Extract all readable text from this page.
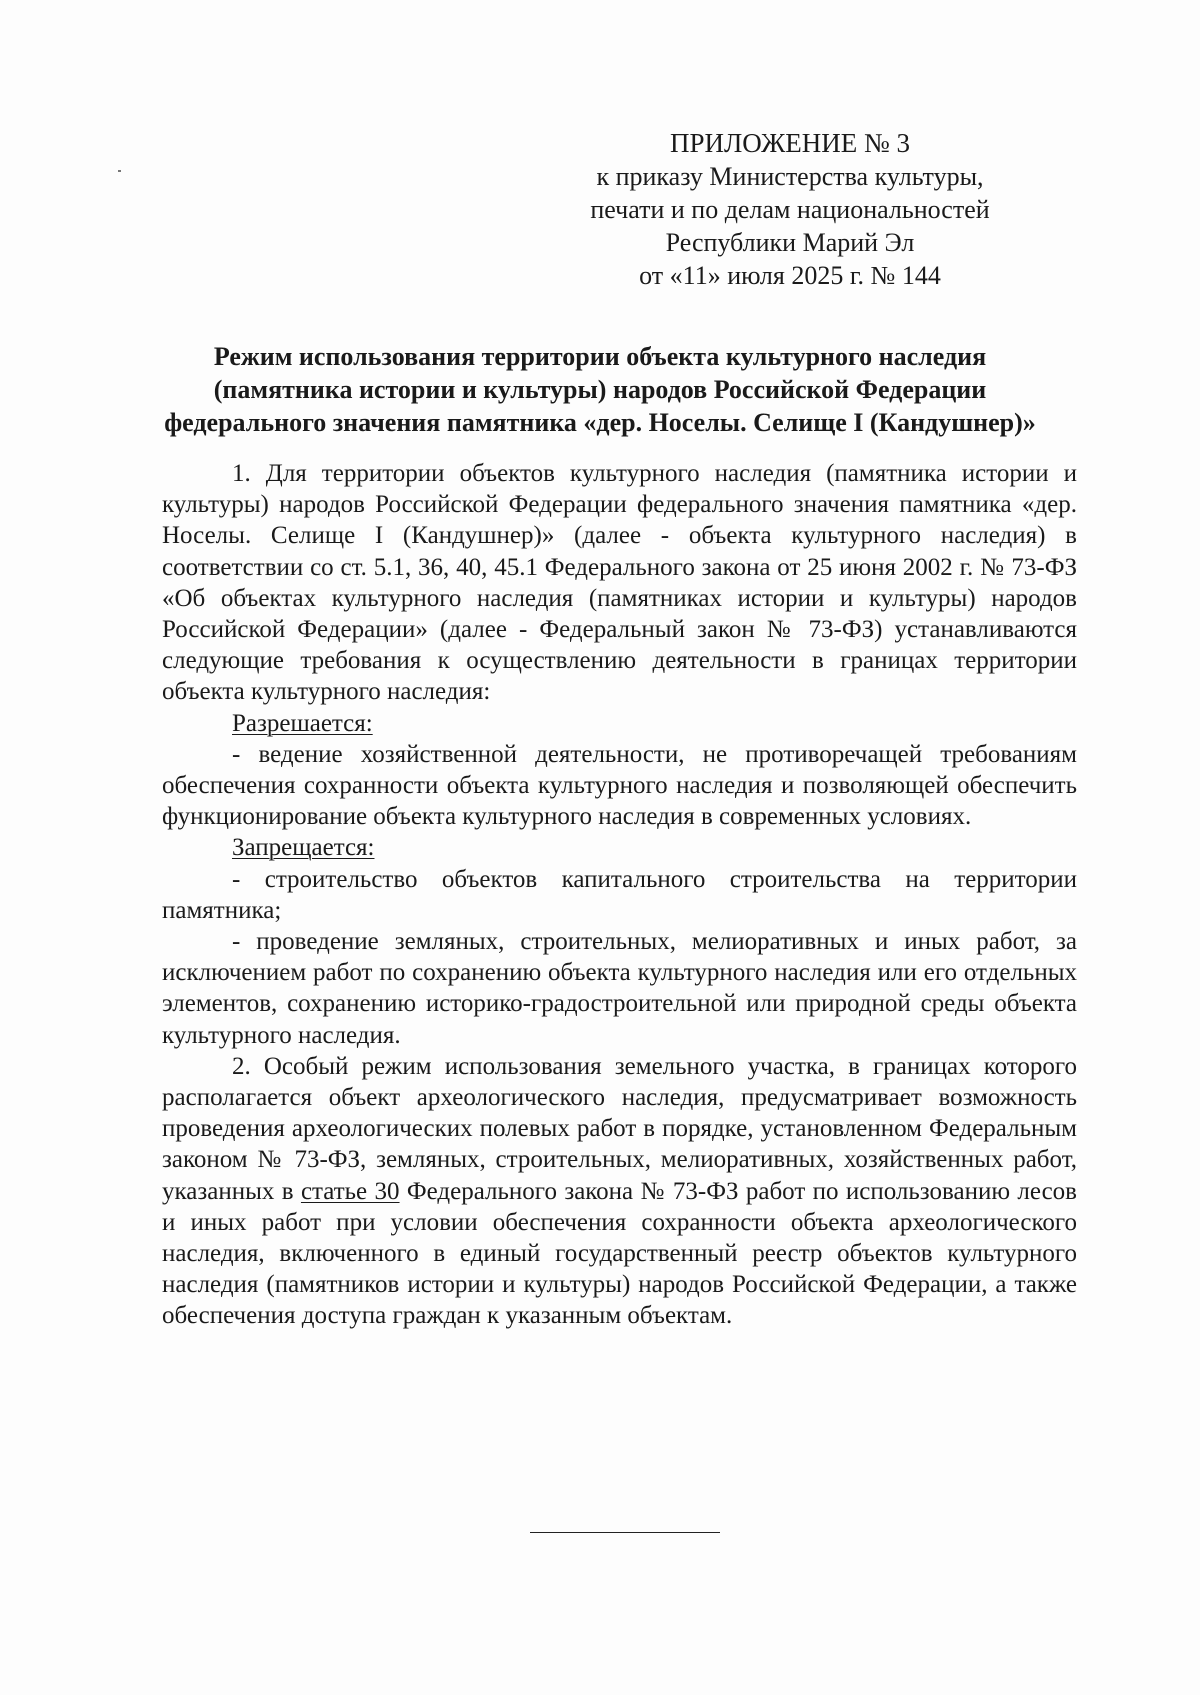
ПРИЛОЖЕНИЕ № 3
к приказу Министерства культуры,
печати и по делам национальностей
Республики Марий Эл
от «11» июля 2025 г. № 144
Режим использования территории объекта культурного наследия
(памятника истории и культуры) народов Российской Федерации
федерального значения памятника «дер. Носелы. Селище I (Кандушнер)»

1. Для территории объектов культурного наследия (памятника истории и культуры) народов Российской Федерации федерального значения памятника «дер. Носелы. Селище I (Кандушнер)» (далее - объекта культурного наследия) в соответствии со ст. 5.1, 36, 40, 45.1 Федерального закона от 25 июня 2002 г. № 73-ФЗ «Об объектах культурного наследия (памятниках истории и культуры) народов Российской Федерации» (далее - Федеральный закон № 73-ФЗ) устанавливаются следующие требования к осуществлению деятельности в границах территории объекта культурного наследия:

Разрешается:

- ведение хозяйственной деятельности, не противоречащей требованиям обеспечения сохранности объекта культурного наследия и позволяющей обеспечить функционирование объекта культурного наследия в современных условиях.

Запрещается:

- строительство объектов капитального строительства на территории памятника;

- проведение земляных, строительных, мелиоративных и иных работ, за исключением работ по сохранению объекта культурного наследия или его отдельных элементов, сохранению историко-градостроительной или природной среды объекта культурного наследия.

2. Особый режим использования земельного участка, в границах которого располагается объект археологического наследия, предусматривает возможность проведения археологических полевых работ в порядке, установленном Федеральным законом № 73-ФЗ, земляных, строительных, мелиоративных, хозяйственных работ, указанных в статье 30 Федерального закона № 73-ФЗ работ по использованию лесов и иных работ при условии обеспечения сохранности объекта археологического наследия, включенного в единый государственный реестр объектов культурного наследия (памятников истории и культуры) народов Российской Федерации, а также обеспечения доступа граждан к указанным объектам.
